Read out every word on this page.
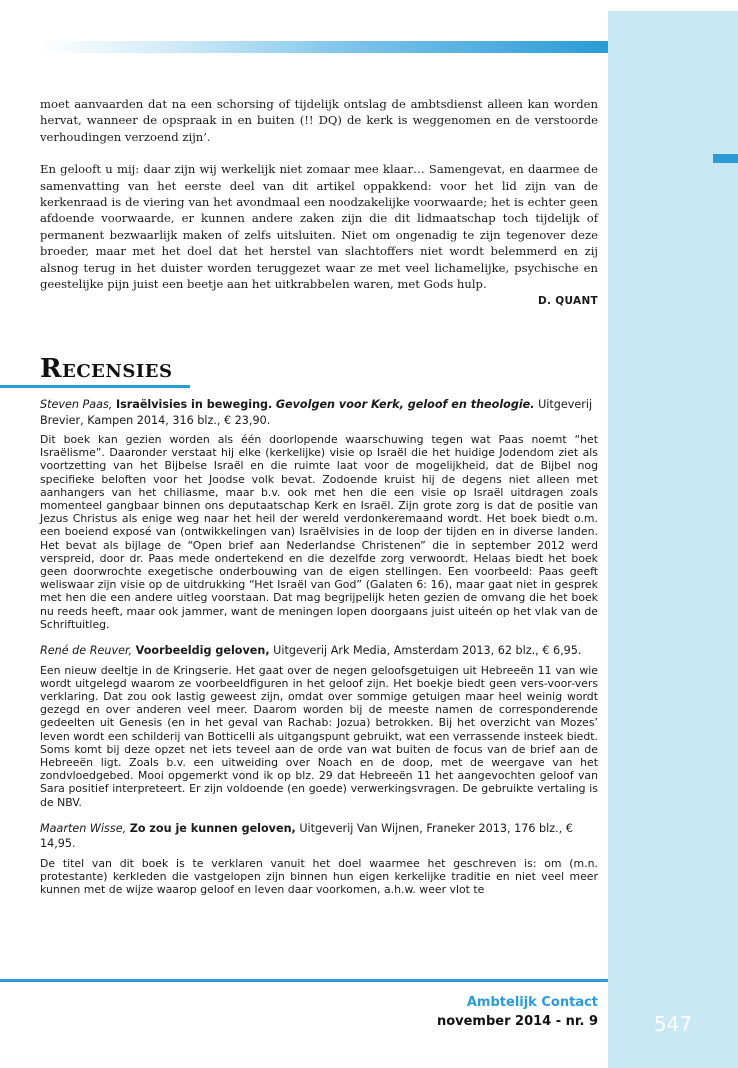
moet aanvaarden dat na een schorsing of tijdelijk ontslag de ambtsdienst alleen kan worden hervat, wanneer de opspraak in en buiten (!! DQ) de kerk is weggenomen en de verstoorde verhoudingen verzoend zijn’.

En gelooft u mij: daar zijn wij werkelijk niet zomaar mee klaar… Samengevat, en daarmee de samenvatting van het eerste deel van dit artikel oppakkend: voor het lid zijn van de kerkenraad is de viering van het avondmaal een noodzakelijke voorwaarde; het is echter geen afdoende voorwaarde, er kunnen andere zaken zijn die dit lidmaatschap toch tijdelijk of permanent bezwaarlijk maken of zelfs uitsluiten. Niet om ongenadig te zijn tegenover deze broeder, maar met het doel dat het herstel van slachtoffers niet wordt belemmerd en zij alsnog terug in het duister worden teruggezet waar ze met veel lichamelijke, psychische en geestelijke pijn juist een beetje aan het uitkrabbelen waren, met Gods hulp.

D. QUANT

Recensies

Steven Paas, Israëlvisies in beweging. Gevolgen voor Kerk, geloof en theologie. Uitgeverij Brevier, Kampen 2014, 316 blz., € 23,90.

Dit boek kan gezien worden als één doorlopende waarschuwing tegen wat Paas noemt “het Israëlisme”. Daaronder verstaat hij elke (kerkelijke) visie op Israël die het huidige Jodendom ziet als voortzetting van het Bijbelse Israël en die ruimte laat voor de mogelijkheid, dat de Bijbel nog specifieke beloften voor het Joodse volk bevat. Zodoende kruist hij de degens niet alleen met aanhangers van het chiliasme, maar b.v. ook met hen die een visie op Israël uitdragen zoals momenteel gangbaar binnen ons deputaatschap Kerk en Israël. Zijn grote zorg is dat de positie van Jezus Christus als enige weg naar het heil der wereld verdonkeremaand wordt. Het boek biedt o.m. een boeiend exposé van (ontwikkelingen van) Israëlvisies in de loop der tijden en in diverse landen. Het bevat als bijlage de “Open brief aan Nederlandse Christenen” die in september 2012 werd verspreid, door dr. Paas mede ondertekend en die dezelfde zorg verwoordt. Helaas biedt het boek geen doorwrochte exegetische onderbouwing van de eigen stellingen. Een voorbeeld: Paas geeft weliswaar zijn visie op de uitdrukking “Het Israël van God” (Galaten 6: 16), maar gaat niet in gesprek met hen die een andere uitleg voorstaan. Dat mag begrijpelijk heten gezien de omvang die het boek nu reeds heeft, maar ook jammer, want de meningen lopen doorgaans juist uiteén op het vlak van de Schriftuitleg.

René de Reuver, Voorbeeldig geloven, Uitgeverij Ark Media, Amsterdam 2013, 62 blz., € 6,95.

Een nieuw deeltje in de Kringserie. Het gaat over de negen geloofsgetuigen uit Hebreeën 11 van wie wordt uitgelegd waarom ze voorbeeldfiguren in het geloof zijn. Het boekje biedt geen vers-voor-vers verklaring. Dat zou ook lastig geweest zijn, omdat over sommige getuigen maar heel weinig wordt gezegd en over anderen veel meer. Daarom worden bij de meeste namen de corresponderende gedeelten uit Genesis (en in het geval van Rachab: Jozua) betrokken. Bij het overzicht van Mozes’ leven wordt een schilderij van Botticelli als uitgangspunt gebruikt, wat een verrassende insteek biedt. Soms komt bij deze opzet net iets teveel aan de orde van wat buiten de focus van de brief aan de Hebreeën ligt. Zoals b.v. een uitweiding over Noach en de doop, met de weergave van het zondvloedgebed. Mooi opgemerkt vond ik op blz. 29 dat Hebreeën 11 het aangevochten geloof van Sara positief interpreteert. Er zijn voldoende (en goede) verwerkingsvragen. De gebruikte vertaling is de NBV.

Maarten Wisse, Zo zou je kunnen geloven, Uitgeverij Van Wijnen, Franeker 2013, 176 blz., € 14,95.

De titel van dit boek is te verklaren vanuit het doel waarmee het geschreven is: om (m.n. protestante) kerkleden die vastgelopen zijn binnen hun eigen kerkelijke traditie en niet veel meer kunnen met de wijze waarop geloof en leven daar voorkomen, a.h.w. weer vlot te

Ambtelijk Contact
november 2014 - nr. 9	547
